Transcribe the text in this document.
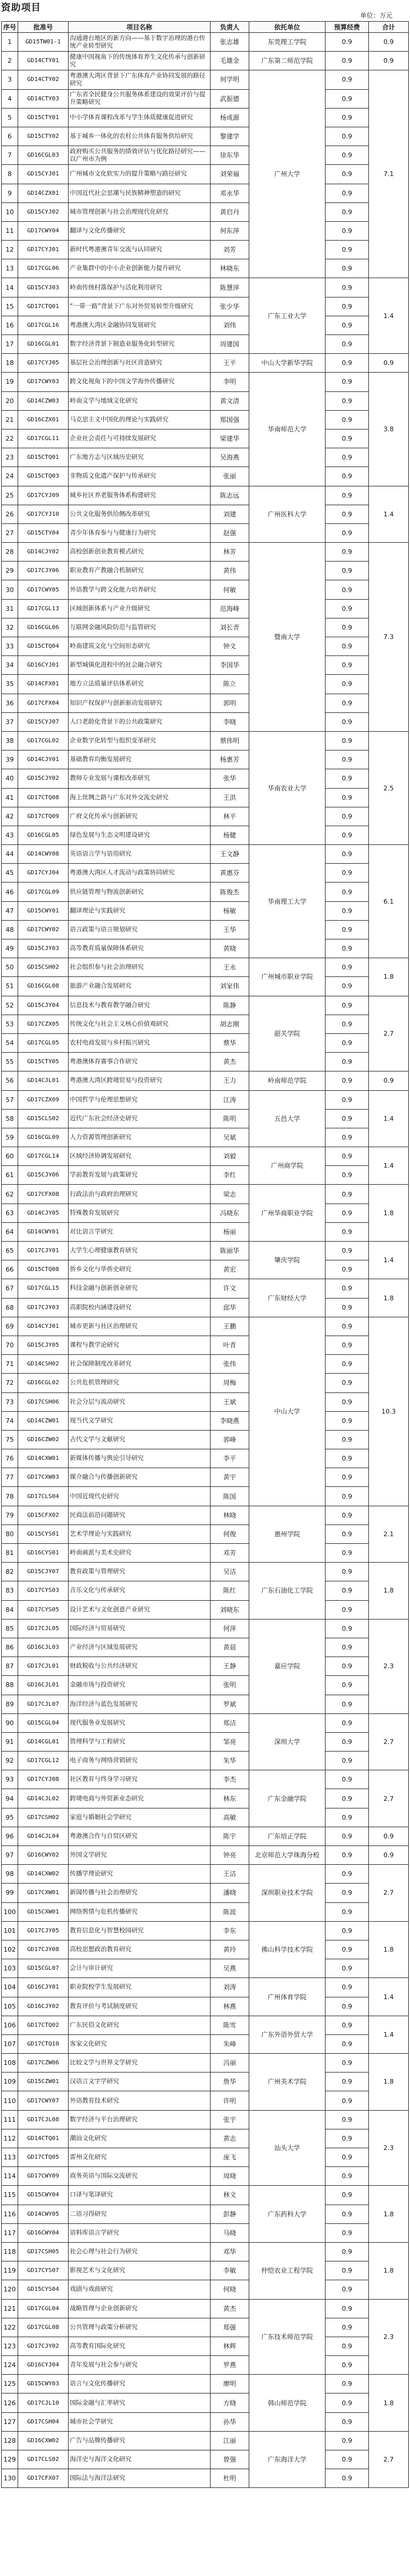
资助项目
单位：万元
序号	批准号	项目名称	负责人	依托单位	预算经费	合计
1	GD15TW01-1	沟通港台地区的新方向——基于数字治理的港台传统产业转型研究	张志雄	东莞理工学院	0.9	0.9
2	GD14CTY01	健康中国视角下的传统体育养生文化传承与创新研究	毛雄金	广东第二师范学院	0.9	0.9
3	GD14CTY02	粤港澳大湾区背景下广东体育产业协同发展的路径研究	何学明	广州大学	0.9	7.1
4	GD14CTY03	广东省全民健身公共服务体系建设的效果评价与提升策略研究	武振德		0.9	
5	GD15CTY01	中小学体育课程改革与学生体质健康促进研究	杨成源		0.9	
6	GD15CTY02	基于城乡一体化的农村公共体育服务供给研究	黎建学		0.9	
7	GD16CGL03	政府购买公共服务的绩效评估与优化路径研究——以广州市为例	徐东华		0.9	
8	GD15CYJ01	广州城市文化软实力的提升策略与路径研究	刘荣福		0.9	
9	GD14CZX01	中国近代社会思潮与民族精神塑造的研究	邓永华		0.9	
10	GD15CYJ02	城市管理创新与社会治理现代化研究	黄启丹		0.9	
11	GD17CWY04	翻译与文化传播研究	何东萍		0.9	
12	GD17CYJ01	新时代粤港澳青年交流与认同研究	刘芳		0.9	
13	GD17CGL06	产业集群中的中小企业创新能力提升研究	林晓东		0.9	
14	GD15CYJ03	岭南传统村落保护与活化利用研究	陈慧萍	广东工业大学	0.9	1.4
15	GD17CTQ01	“一带一路”背景下广东对外贸易转型升级研究	张少华		0.9	
16	GD17CGL16	粤港澳大湾区金融协同发展研究	刘伟		0.9	
17	GD16CGL01	数字经济背景下制造业服务化转型研究	周建国		0.9	
18	GD17CYJ05	基层社会治理创新与社区营造研究	王平	中山大学新华学院	0.9	0.9
19	GD17CWY03	跨文化视角下的中国文学海外传播研究	李明	华南师范大学	0.9	3.8
20	GD14CZW03	岭南文学与地域文化研究	黄文清		0.9	
21	GD16CZX01	马克思主义中国化的理论与实践研究	郑国强		0.9	
22	GD17CGL11	企业社会责任与可持续发展研究	梁建华		0.9	
23	GD15CTQ01	广东地方志与区域历史研究	吴海燕		0.9	
24	GD15CTQ03	非物质文化遗产保护与传承研究	张丽		0.9	
25	GD17CYJ09	城乡社区养老服务体系构建研究	陈志远	广州医科大学	0.9	1.4
26	GD17CYJ10	公共文化服务供给侧改革研究	刘建		0.9	
27	GD15CTY04	青少年体育参与与健康行为研究	赵强		0.9	
28	GD14CJY02	高校创新创业教育模式研究	林芳	暨南大学	0.9	7.3
29	GD17CJY06	职业教育产教融合机制研究	黄伟		0.9	
30	GD17CWY05	外语教学与跨文化能力培养研究	何敏		0.9	
31	GD17CGL13	区域创新体系与产业升级研究	范海峰		0.9	
32	GD16CGL06	互联网金融风险防范与监管研究	刘长青		0.9	
33	GD15CTQ04	岭南建筑文化与空间形态研究	钟文		0.9	
34	GD16CYJ01	新型城镇化进程中的社会融合研究	李国华		0.9	
35	GD14CFX01	地方立法质量评估体系研究	陈立		0.9	
36	GD17CFX04	知识产权保护与创新驱动发展研究	郭明		0.9	
37	GD15CYJ07	人口老龄化背景下的公共政策研究	李晓		0.9	
38	GD17CGL02	企业数字化转型与组织变革研究	蔡伟明	华南农业大学	0.9	2.5
39	GD14CJY01	基础教育均衡发展研究	杨惠芳		0.9	
40	GD15CJY02	教师专业发展与课程改革研究	张华		0.9	
41	GD17CTQ08	海上丝绸之路与广东对外交流史研究	王洪		0.9	
42	GD17CTQ09	广府文化传承与创新研究	林平		0.9	
43	GD16CGL05	绿色发展与生态文明建设研究	杨健		0.9	
44	GD14CWY08	英语语言学与语用研究	王文静	华南理工大学	0.9	6.1
45	GD17CYJ04	粤港澳大湾区人才流动与政策协同研究	黄惠芬		0.9	
46	GD17CGL09	供应链管理与物流创新研究	陈俊杰		0.9	
47	GD15CWY01	翻译理论与实践研究	杨敏		0.9	
48	GD17CWY02	语言政策与语言规划研究	王华		0.9	
49	GD15CJY03	高等教育质量保障体系研究	黄晓		0.9	
50	GD15CSH02	社会组织参与社会治理研究	王永	广州城市职业学院	0.9	1.8
51	GD16CGL08	旅游产业融合发展研究	刘家伟		0.9	
52	GD15CJY04	信息技术与教育教学融合研究	陈静	韶关学院	0.9	2.7
53	GD17CZX05	传统文化与社会主义核心价值观研究	胡志刚		0.9	
54	GD17CGL05	农村电商发展与乡村振兴研究	蔡华		0.9	
55	GD15CTY05	粤港澳体育赛事合作研究	黄杰		0.9	
56	GD14CJL01	粤港澳大湾区跨境贸易与投资研究	王力	岭南师范学院	0.9	0.9
57	GD17CZX09	中国哲学与伦理思想研究	江涛	五邑大学	0.9	1.4
58	GD15CLS02	近代广东社会经济史研究	陈明		0.9	
59	GD16CGL09	人力资源管理创新研究	吴斌		0.9	
60	GD17CGL14	区域经济协调发展研究	刘毅	广州商学院	0.9	1.4
61	GD15CJY06	学前教育发展与政策研究	李红		0.9	
62	GD17CFX08	行政法治与政府治理研究	梁志	广州华商职业学院	0.9	1.8
63	GD14CJY05	特殊教育发展研究	冯晓东		0.9	
64	GD14CWY01	对比语言学研究	杨丽		0.9	
65	GD17CJY01	大学生心理健康教育研究	陈丽华	肇庆学院	0.9	1.4
66	GD15CTQ08	侨乡文化与华侨史研究	黄宏		0.9	
67	GD17CGL15	科技金融与创新创业研究	许文	广东财经大学	0.9	1.8
68	GD17CJY03	高职院校内涵建设研究	邱华		0.9	
69	GD14CYJ01	城市更新与社区治理研究	王鹏	中山大学	0.9	10.3
70	GD15CJY05	课程与教学论研究	叶青		0.9	
71	GD14CSH02	社会保障制度改革研究	张伟		0.9	
72	GD16CGL02	公共危机管理研究	周梅		0.9	
73	GD17CSH06	社会分层与流动研究	王斌		0.9	
74	GD14CZW01	现当代文学研究	李晓燕		0.9	
75	GD16CZW02	古代文学与文献研究	郭峰		0.9	
76	GD14CXW01	新媒体传播与舆论引导研究	李平		0.9	
77	GD17CXW03	媒介融合与传播创新研究	黄宇		0.9	
78	GD17CLS04	中国近现代史研究	陈国		0.9	
79	GD15CFX02	民商法前沿问题研究	林晓	惠州学院	0.9	2.1
80	GD15CYS01	艺术学理论与实践研究	何俊		0.9	
81	GD16CYS01	岭南画派与美术史研究	邓芳		0.9	
82	GD15CJY07	教育政策与管理研究	吴洁	广东石油化工学院	0.9	1.8
83	GD17CYS03	音乐文化与传承研究	陈红		0.9	
84	GD17CYS05	设计艺术与文化创意产业研究	刘晓东		0.9	
85	GD17CJL05	国际经济与贸易研究	何萍	嘉应学院	0.9	2.3
86	GD16CJL03	产业经济与区域发展研究	黄晨		0.9	
87	GD17CJL01	财政税收与公共经济研究	王静		0.9	
88	GD16CJL01	金融市场与投资研究	张明		0.9	
89	GD17CJL07	海洋经济与蓝色发展研究	罗斌		0.9	
90	GD15CGL04	现代服务业发展研究	郑洁	深圳大学	0.9	2.7
91	GD14CGL01	管理科学与工程研究	邹亮		0.9	
92	GD17CGL12	电子商务与网络营销研究	朱华		0.9	
93	GD17CYJ08	社区教育与终身学习研究	李杰	广东金融学院	0.9	2.7
94	GD14CJL02	跨境电商与外贸新业态研究	林东		0.9	
95	GD17CSH02	家庭与婚姻社会学研究	高敏		0.9	
96	GD14CJL04	粤港澳合作与自贸区研究	陈宇	广东培正学院	0.9	0.9
97	GD16CWY02	外国文学研究	钟亮	北京师范大学珠海分校	0.9	0.9
98	GD14CXW02	传播学理论研究	王洁	深圳职业技术学院	0.9	2.7
99	GD17CXW01	新闻传播与社会治理研究	潘晓		0.9	
100	GD15CXW01	网络舆情与危机传播研究	陈波		0.9	
101	GD17CJY05	教育信息化与智慧校园研究	李东	佛山科学技术学院	0.9	1.8
102	GD17CJY08	高校思想政治教育研究	黄玲		0.9	
103	GD15CGL07	会计与审计研究	吴燕		0.9	
104	GD16CJY01	职业院校学生发展研究	刘涛	广州体育学院	0.9	1.4
105	GD16CJY02	教育评价与考试制度研究	林燕		0.9	
106	GD17CTQ02	广东民俗文化研究	陈雪	广东外语外贸大学	0.9	1.4
107	GD17CTQ10	客家文化研究	朱峰		0.9	
108	GD17CZW06	比较文学与世界文学研究	冯丽	广州美术学院	0.9	1.8
109	GD15CZW01	汉语言文字学研究	詹华		0.9	
110	GD17CWY07	外语教育技术研究	许明		0.9	
111	GD17CJL08	数字经济与平台治理研究	张宇	汕头大学	0.9	2.3
112	GD14CTQ01	潮汕文化研究	黄志		0.9	
113	GD17CTQ05	雷州文化研究	庞飞		0.9	
114	GD17CWY09	商务英语与国际交流研究	周晓		0.9	
115	GD15CWY04	口译与笔译研究	林文	广东药科大学	0.9	1.8
116	GD14CWY05	二语习得研究	彭静		0.9	
117	GD16CWY04	语料库语言学研究	马晓		0.9	
118	GD17CSH05	社会心理与社会行为研究	邓华	仲恺农业工程学院	0.9	1.8
119	GD17CYS07	影视艺术与文化研究	李敏		0.9	
120	GD15CYS04	戏剧与戏曲研究	何晓		0.9	
121	GD17CGL04	战略管理与企业创新研究	黄杰	广东技术师范学院	0.9	2.3
122	GD17CGL08	公共管理与政策分析研究	郑强		0.9	
123	GD17CJY02	高等教育国际化研究	林辉		0.9	
124	GD16CYJ04	青年发展与社会参与研究	罗燕		0.9	
125	GD15CWY03	语言与文化传播研究	廖明	韩山师范学院	0.9	1.8
126	GD17CJL10	国际金融与汇率研究	方晓		0.9	
127	GD17CSH04	城市社会学研究	孙华		0.9	
128	GD16CXW02	广告与品牌传播研究	江丽	广东海洋大学	0.9	2.7
129	GD17CLS02	海洋史与海洋文化研究	曾强		0.9	
130	GD17CFX07	国际法与海洋法研究	杜明		0.9	
